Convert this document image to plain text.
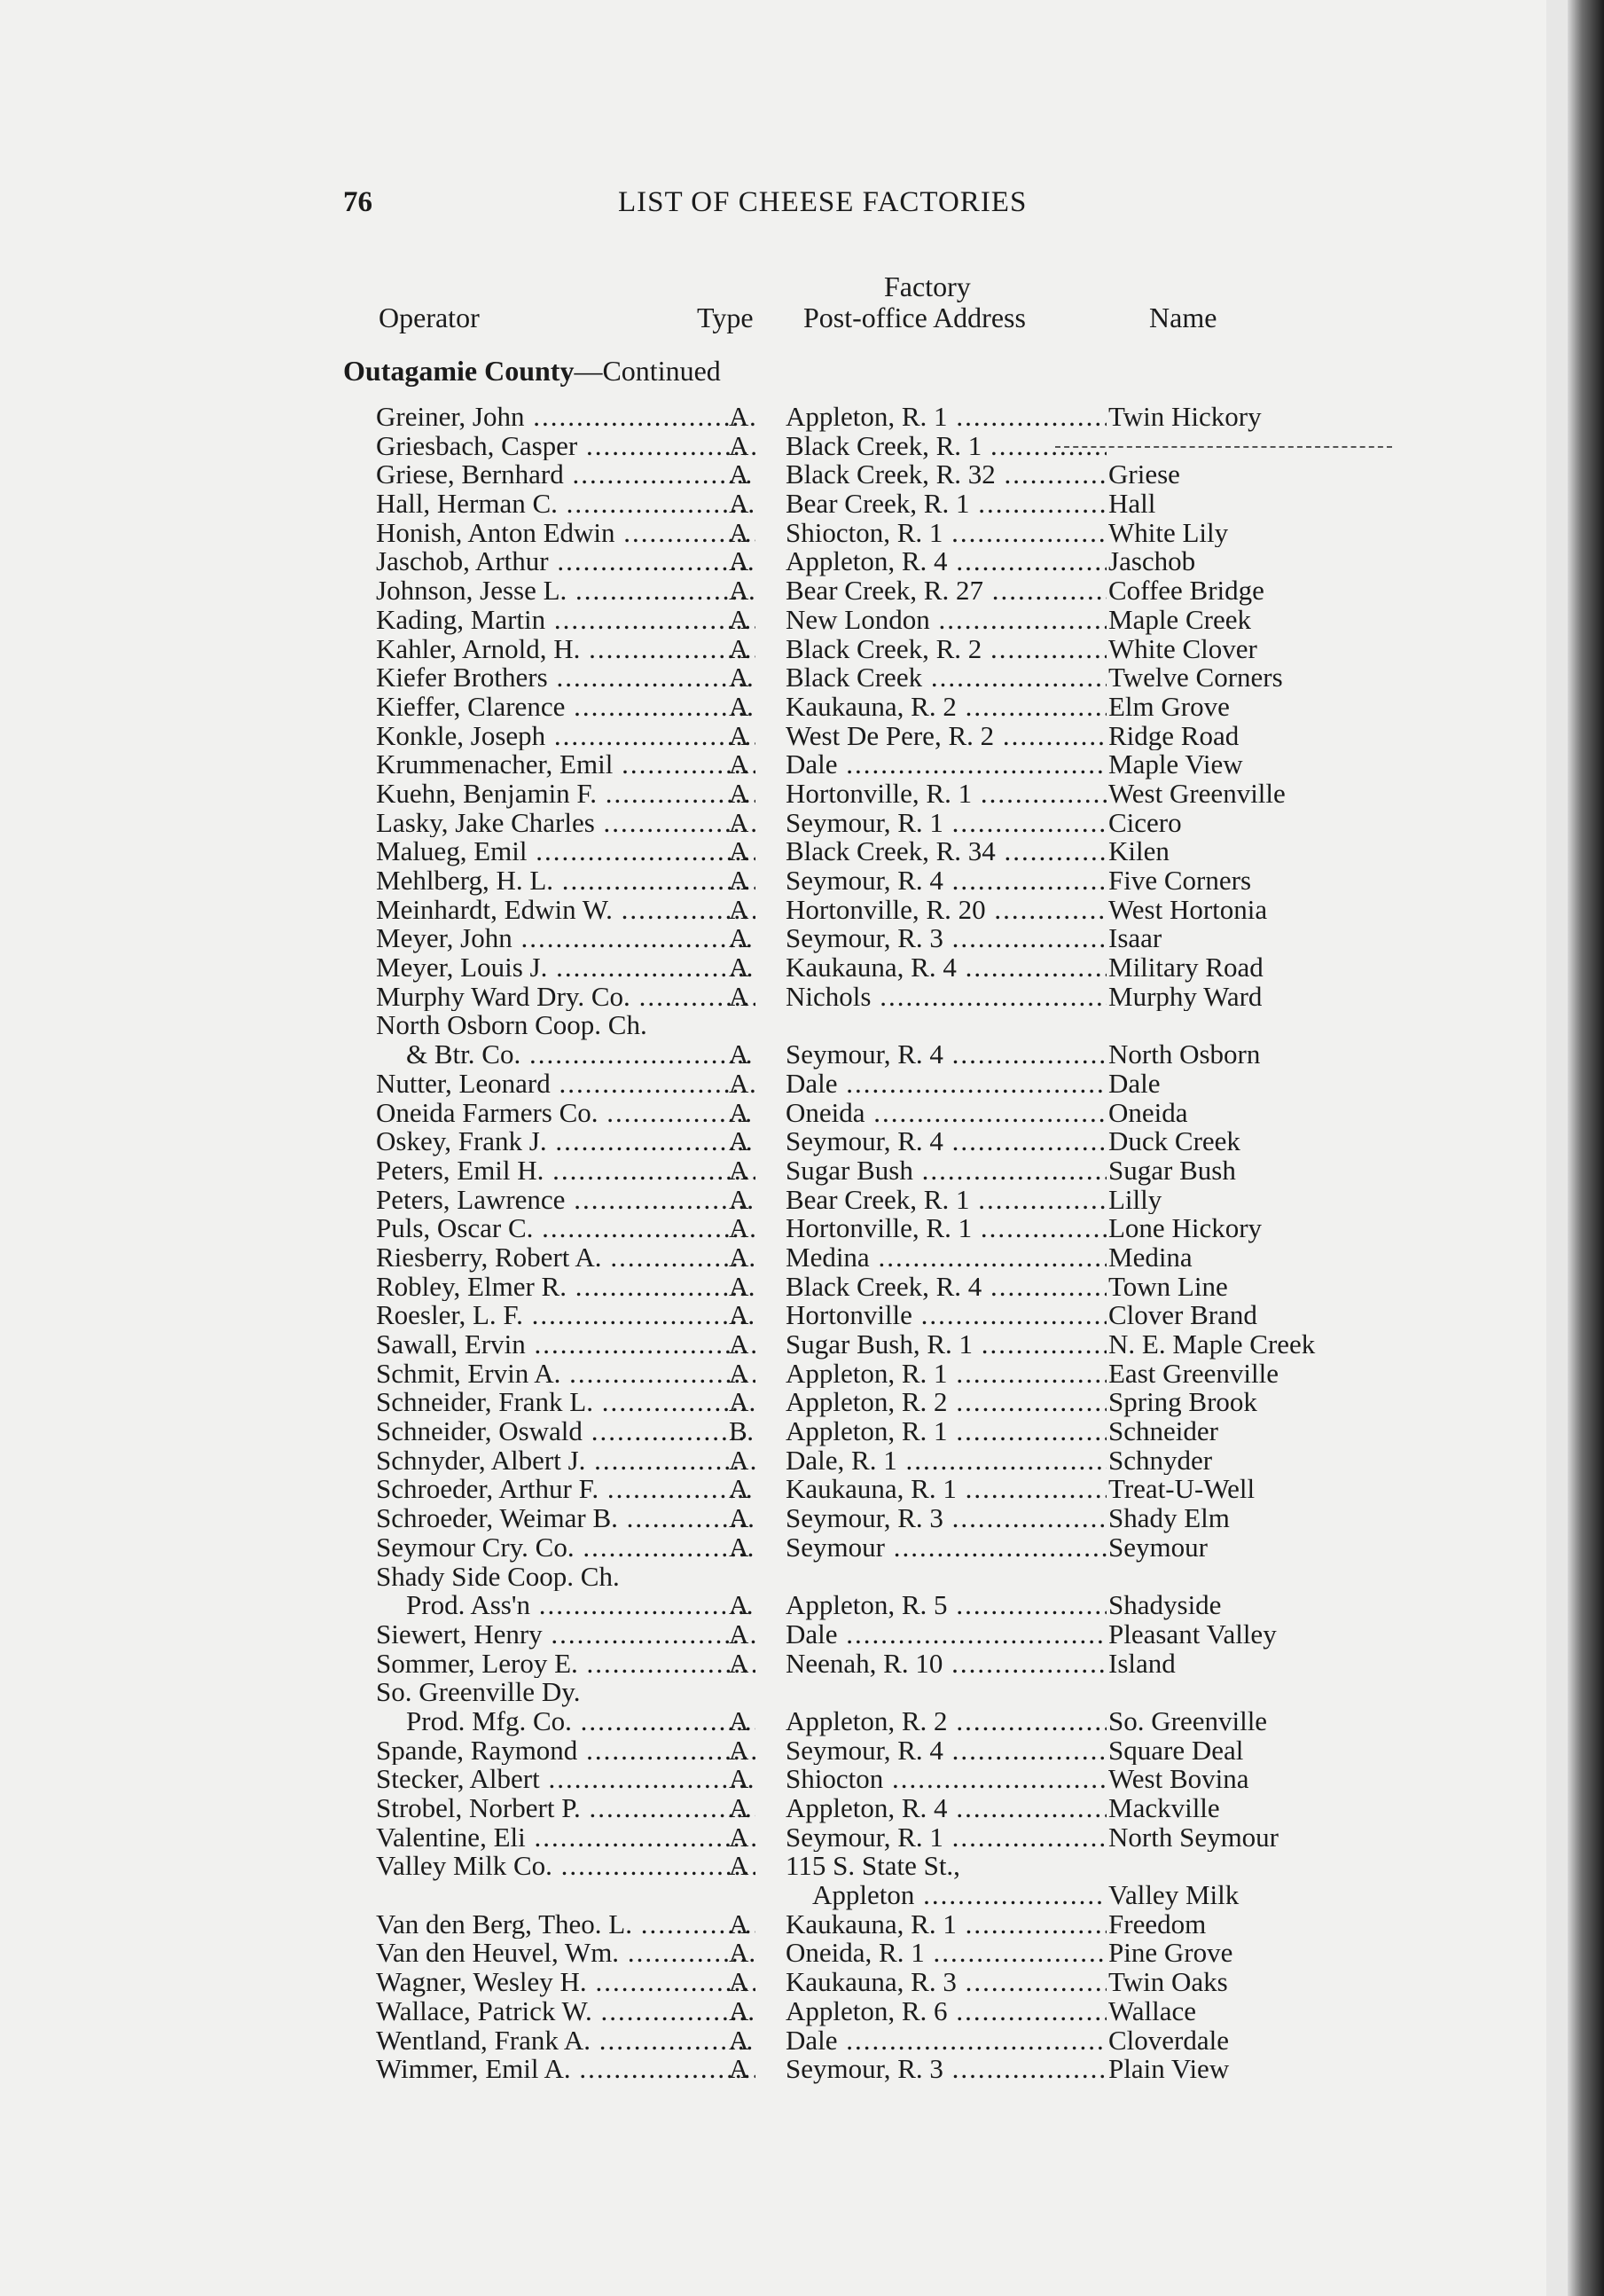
76	LIST OF CHEESE FACTORIES
Operator	Type
Factory
Post-office Address	Name
Outagamie County—Continued
Greiner, John .....	A	Appleton, R. 1 .....	Twin Hickory
Griesbach, Casper .....	A	Black Creek, R. 1 .....
Griese, Bernhard .....	A	Black Creek, R. 32 .....	Griese
Hall, Herman C. .....	A	Bear Creek, R. 1 .....	Hall
Honish, Anton Edwin .....	A	Shiocton, R. 1 .....	White Lily
Jaschob, Arthur .....	A	Appleton, R. 4 .....	Jaschob
Johnson, Jesse L. .....	A	Bear Creek, R. 27 .....	Coffee Bridge
Kading, Martin .....	A	New London .....	Maple Creek
Kahler, Arnold, H. .....	A	Black Creek, R. 2 .....	White Clover
Kiefer Brothers .....	A	Black Creek .....	Twelve Corners
Kieffer, Clarence .....	A	Kaukauna, R. 2 .....	Elm Grove
Konkle, Joseph .....	A	West De Pere, R. 2 .....	Ridge Road
Krummenacher, Emil .....	A	Dale .....	Maple View
Kuehn, Benjamin F. .....	A	Hortonville, R. 1 .....	West Greenville
Lasky, Jake Charles .....	A	Seymour, R. 1 .....	Cicero
Malueg, Emil .....	A	Black Creek, R. 34 .....	Kilen
Mehlberg, H. L. .....	A	Seymour, R. 4 .....	Five Corners
Meinhardt, Edwin W. .....	A	Hortonville, R. 20 .....	West Hortonia
Meyer, John .....	A	Seymour, R. 3 .....	Isaar
Meyer, Louis J. .....	A	Kaukauna, R. 4 .....	Military Road
Murphy Ward Dry. Co. .....	A	Nichols .....	Murphy Ward
North Osborn Coop. Ch.
& Btr. Co. .....	A	Seymour, R. 4 .....	North Osborn
Nutter, Leonard .....	A	Dale .....	Dale
Oneida Farmers Co. .....	A	Oneida .....	Oneida
Oskey, Frank J. .....	A	Seymour, R. 4 .....	Duck Creek
Peters, Emil H. .....	A	Sugar Bush .....	Sugar Bush
Peters, Lawrence .....	A	Bear Creek, R. 1 .....	Lilly
Puls, Oscar C. .....	A	Hortonville, R. 1 .....	Lone Hickory
Riesberry, Robert A. .....	A	Medina .....	Medina
Robley, Elmer R. .....	A	Black Creek, R. 4 .....	Town Line
Roesler, L. F. .....	A	Hortonville .....	Clover Brand
Sawall, Ervin .....	A	Sugar Bush, R. 1 .....	N. E. Maple Creek
Schmit, Ervin A. .....	A	Appleton, R. 1 .....	East Greenville
Schneider, Frank L. .....	A	Appleton, R. 2 .....	Spring Brook
Schneider, Oswald .....	B	Appleton, R. 1 .....	Schneider
Schnyder, Albert J. .....	A	Dale, R. 1 .....	Schnyder
Schroeder, Arthur F. .....	A	Kaukauna, R. 1 .....	Treat-U-Well
Schroeder, Weimar B. .....	A	Seymour, R. 3 .....	Shady Elm
Seymour Cry. Co. .....	A	Seymour .....	Seymour
Shady Side Coop. Ch.
Prod. Ass'n .....	A	Appleton, R. 5 .....	Shadyside
Siewert, Henry .....	A	Dale .....	Pleasant Valley
Sommer, Leroy E. .....	A	Neenah, R. 10 .....	Island
So. Greenville Dy.
Prod. Mfg. Co. .....	A	Appleton, R. 2 .....	So. Greenville
Spande, Raymond .....	A	Seymour, R. 4 .....	Square Deal
Stecker, Albert .....	A	Shiocton .....	West Bovina
Strobel, Norbert P. .....	A	Appleton, R. 4 .....	Mackville
Valentine, Eli .....	A	Seymour, R. 1 .....	North Seymour
Valley Milk Co. .....	A	115 S. State St.,
Appleton .....	Valley Milk
Van den Berg, Theo. L. .....	A	Kaukauna, R. 1 .....	Freedom
Van den Heuvel, Wm. .....	A	Oneida, R. 1 .....	Pine Grove
Wagner, Wesley H. .....	A	Kaukauna, R. 3 .....	Twin Oaks
Wallace, Patrick W. .....	A	Appleton, R. 6 .....	Wallace
Wentland, Frank A. .....	A	Dale .....	Cloverdale
Wimmer, Emil A. .....	A	Seymour, R. 3 .....	Plain View
